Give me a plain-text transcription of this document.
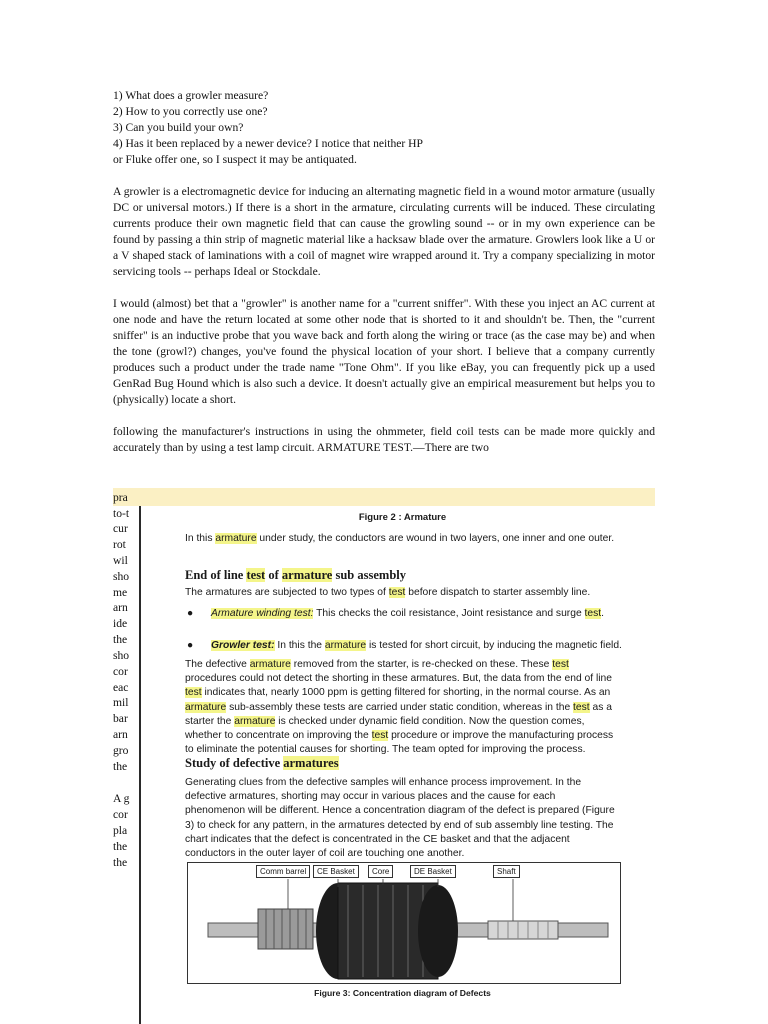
1) What does a growler measure?

2) How to you correctly use one?

3) Can you build your own?

4) Has it been replaced by a newer device? I notice that neither HP

or Fluke offer one, so I suspect it may be antiquated.

A growler is a electromagnetic device for inducing an alternating magnetic field in a wound motor armature (usually DC or universal motors.) If there is a short in the armature, circulating currents will be induced. These circulating currents produce their own magnetic field that can cause the growling sound -- or in my own experience can be found by passing a thin strip of magnetic material like a hacksaw blade over the armature. Growlers look like a U or a V shaped stack of laminations with a coil of magnet wire wrapped around it. Try a company specializing in motor servicing tools -- perhaps Ideal or Stockdale.

I would (almost) bet that a "growler" is another name for a "current sniffer". With these you inject an AC current at one node and have the return located at some other node that is shorted to it and shouldn't be. Then, the "current sniffer" is an inductive probe that you wave back and forth along the wiring or trace (as the case may be) and when the tone (growl?) changes, you've found the physical location of your short. I believe that a company currently produces such a product under the trade name "Tone Ohm". If you like eBay, you can frequently pick up a used GenRad Bug Hound which is also such a device. It doesn't actually give an empirical measurement but helps you to (physically) locate a short.

following the manufacturer's instructions in using the ohmmeter, field coil tests can be made more quickly and accurately than by using a test lamp circuit. ARMATURE TEST.—There are two

pra
to-t
cur
rot
wil
sho
me
arn
ide
the
sho
cor
eac
mil
bar
arn
gro
the
A g
cor
pla
the
the
Figure 2 : Armature
In this armature under study, the conductors are wound in two layers, one inner and one outer.
End of line test of armature sub assembly
The armatures are subjected to two types of test before dispatch to starter assembly line.
● Armature winding test: This checks the coil resistance, Joint resistance and surge test.
● Growler test: In this the armature is tested for short circuit, by inducing the magnetic field.
The defective armature removed from the starter, is re-checked on these. These test procedures could not detect the shorting in these armatures. But, the data from the end of line test indicates that, nearly 1000 ppm is getting filtered for shorting, in the normal course. As an armature sub-assembly these tests are carried under static condition, whereas in the test as a starter the armature is checked under dynamic field condition. Now the question comes, whether to concentrate on improving the test procedure or improve the manufacturing process to eliminate the potential causes for shorting. The team opted for improving the process.
Study of defective armatures
Generating clues from the defective samples will enhance process improvement. In the defective armatures, shorting may occur in various places and the cause for each phenomenon will be different. Hence a concentration diagram of the defect is prepared (Figure 3) to check for any pattern, in the armatures detected by end of sub assembly line testing. The chart indicates that the defect is concentrated in the CE basket and that the adjacent conductors in the outer layer of coil are touching one another.
Comm barrel	CE Basket	Core	DE Basket	Shaft
Figure 3: Concentration diagram of Defects
